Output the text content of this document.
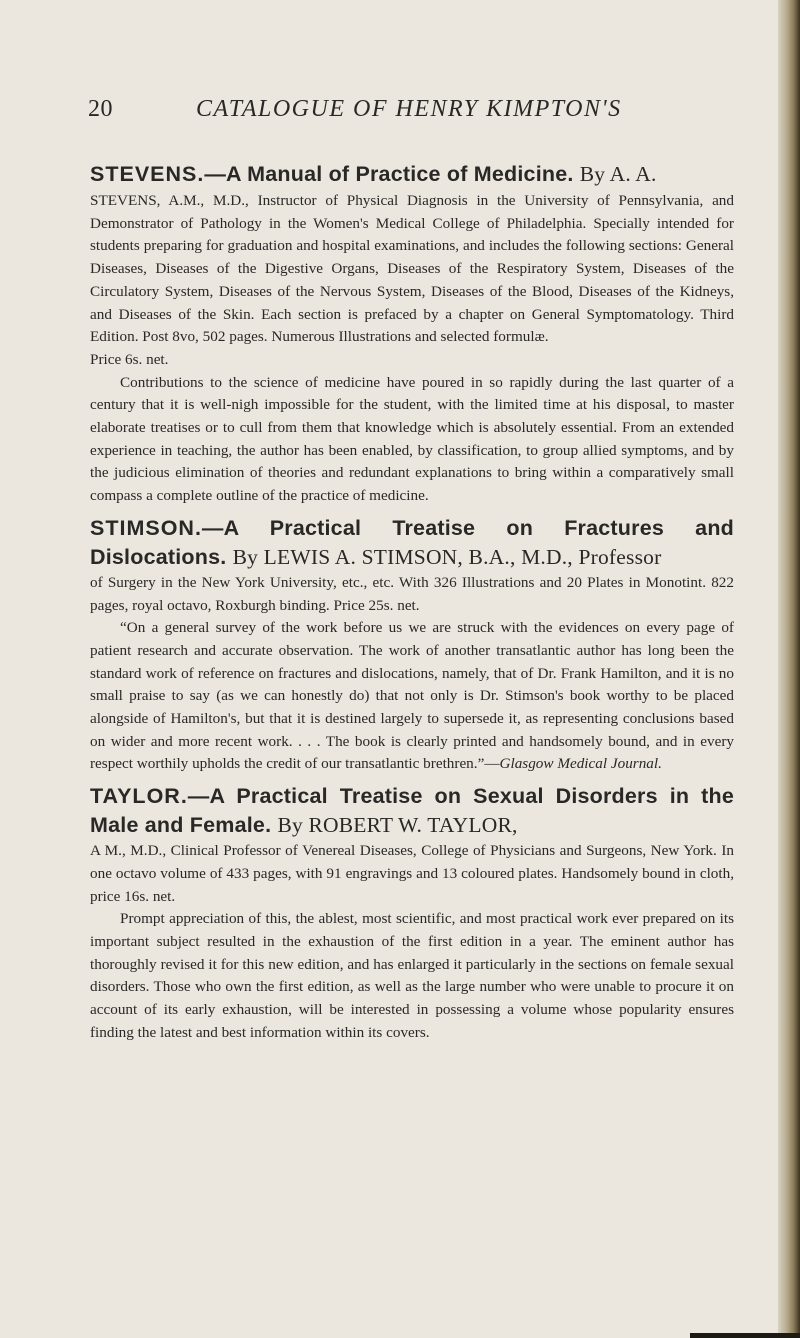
20	CATALOGUE OF HENRY KIMPTON'S
STEVENS.—A Manual of Practice of Medicine. By A. A.

STEVENS, A.M., M.D., Instructor of Physical Diagnosis in the University of Pennsylvania, and Demonstrator of Pathology in the Women's Medical College of Philadelphia. Specially intended for students preparing for graduation and hospital examinations, and includes the following sections: General Diseases, Diseases of the Digestive Organs, Diseases of the Respiratory System, Diseases of the Circulatory System, Diseases of the Nervous System, Diseases of the Blood, Diseases of the Kidneys, and Diseases of the Skin. Each section is prefaced by a chapter on General Symptomatology. Third Edition. Post 8vo, 502 pages. Numerous Illustrations and selected formulæ.
Price 6s. net.

Contributions to the science of medicine have poured in so rapidly during the last quarter of a century that it is well-nigh impossible for the student, with the limited time at his disposal, to master elaborate treatises or to cull from them that knowledge which is absolutely essential. From an extended experience in teaching, the author has been enabled, by classification, to group allied symptoms, and by the judicious elimination of theories and redundant explanations to bring within a comparatively small compass a complete outline of the practice of medicine.

STIMSON.—A Practical Treatise on Fractures and Dislocations. By LEWIS A. STIMSON, B.A., M.D., Professor

of Surgery in the New York University, etc., etc. With 326 Illustrations and 20 Plates in Monotint. 822 pages, royal octavo, Roxburgh binding. Price 25s. net.

“On a general survey of the work before us we are struck with the evidences on every page of patient research and accurate observation. The work of another transatlantic author has long been the standard work of reference on fractures and dislocations, namely, that of Dr. Frank Hamilton, and it is no small praise to say (as we can honestly do) that not only is Dr. Stimson's book worthy to be placed alongside of Hamilton's, but that it is destined largely to supersede it, as representing conclusions based on wider and more recent work. . . . The book is clearly printed and handsomely bound, and in every respect worthily upholds the credit of our transatlantic brethren.”—Glasgow Medical Journal.

TAYLOR.—A Practical Treatise on Sexual Disorders in the Male and Female. By ROBERT W. TAYLOR,

A M., M.D., Clinical Professor of Venereal Diseases, College of Physicians and Surgeons, New York. In one octavo volume of 433 pages, with 91 engravings and 13 coloured plates. Handsomely bound in cloth, price 16s. net.

Prompt appreciation of this, the ablest, most scientific, and most practical work ever prepared on its important subject resulted in the exhaustion of the first edition in a year. The eminent author has thoroughly revised it for this new edition, and has enlarged it particularly in the sections on female sexual disorders. Those who own the first edition, as well as the large number who were unable to procure it on account of its early exhaustion, will be interested in possessing a volume whose popularity ensures finding the latest and best information within its covers.
